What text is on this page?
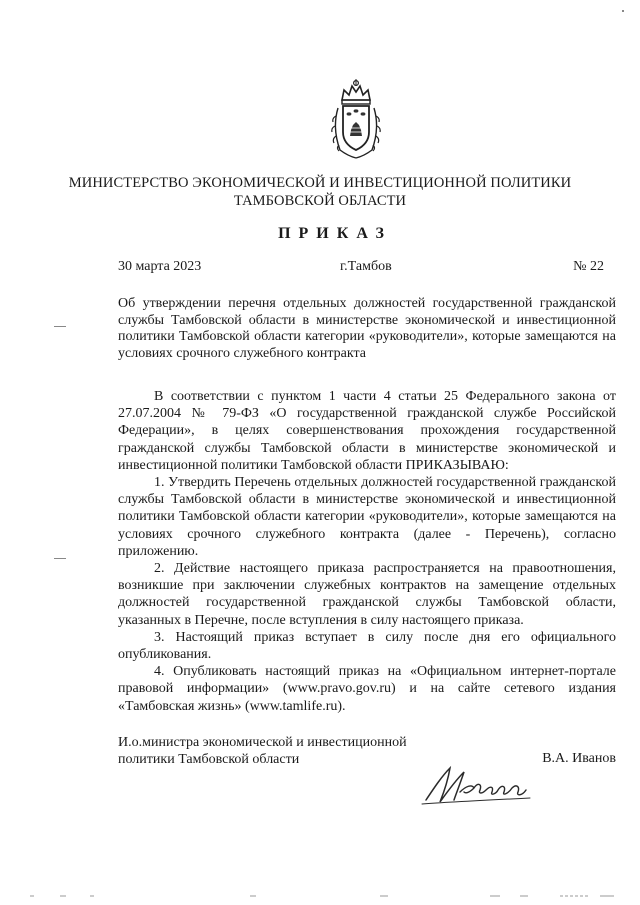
МИНИСТЕРСТВО ЭКОНОМИЧЕСКОЙ И ИНВЕСТИЦИОННОЙ ПОЛИТИКИ
ТАМБОВСКОЙ ОБЛАСТИ
ПРИКАЗ
30 марта 2023	г.Тамбов	№ 22
Об утверждении перечня отдельных должностей государственной гражданской службы Тамбовской области в министерстве экономической и инвестиционной политики Тамбовской области категории «руководители», которые замещаются на условиях срочного служебного контракта

В соответствии с пунктом 1 части 4 статьи 25 Федерального закона от 27.07.2004 № 79-ФЗ «О государственной гражданской службе Российской Федерации», в целях совершенствования прохождения государственной гражданской службы Тамбовской области в министерстве экономической и инвестиционной политики Тамбовской области ПРИКАЗЫВАЮ:

1. Утвердить Перечень отдельных должностей государственной гражданской службы Тамбовской области в министерстве экономической и инвестиционной политики Тамбовской области категории «руководители», которые замещаются на условиях срочного служебного контракта (далее - Перечень), согласно приложению.

2. Действие настоящего приказа распространяется на правоотношения, возникшие при заключении служебных контрактов на замещение отдельных должностей государственной гражданской службы Тамбовской области, указанных в Перечне, после вступления в силу настоящего приказа.

3. Настоящий приказ вступает в силу после дня его официального опубликования.

4. Опубликовать настоящий приказ на «Официальном интернет-портале правовой информации» (www.pravo.gov.ru) и на сайте сетевого издания «Тамбовская жизнь» (www.tamlife.ru).

И.о.министра экономической и инвестиционной
политики Тамбовской области	В.А. Иванов
